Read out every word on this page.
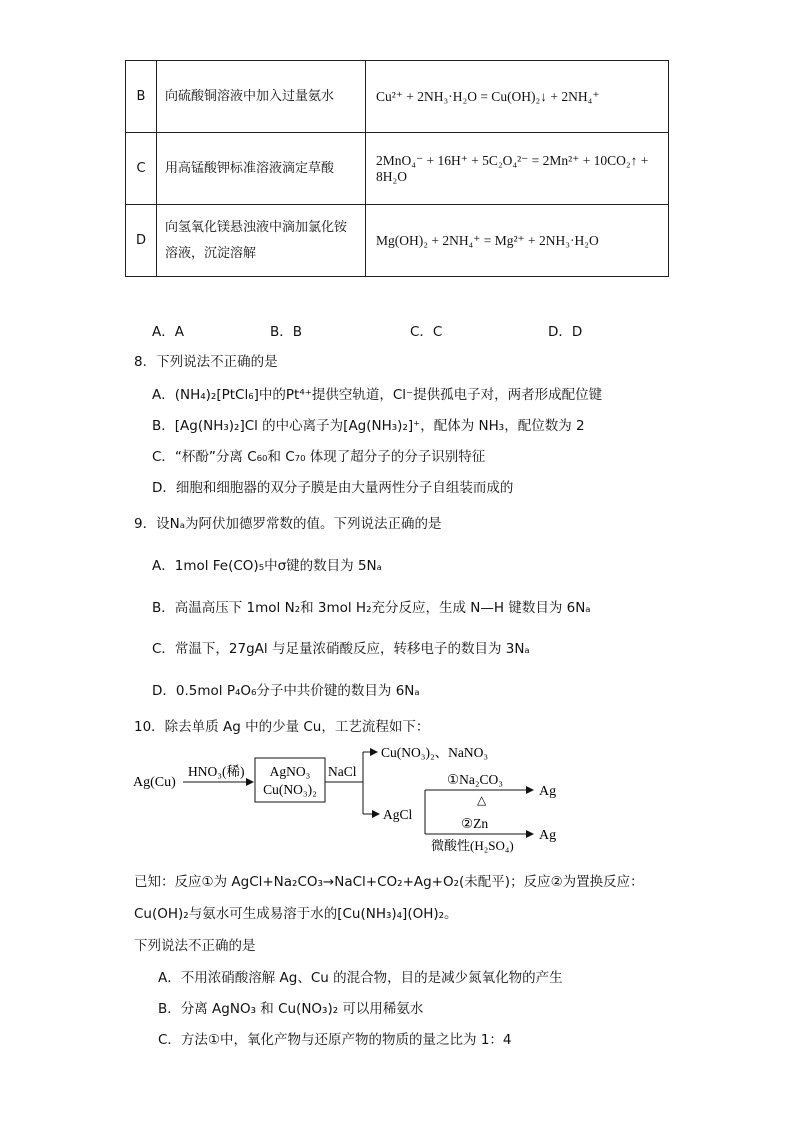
B	向硫酸铜溶液中加入过量氨水	Cu²⁺ + 2NH₃·H₂O = Cu(OH)₂↓ + 2NH₄⁺
C	用高锰酸钾标准溶液滴定草酸	2MnO₄⁻ + 16H⁺ + 5C₂O₄²⁻ = 2Mn²⁺ + 10CO₂↑ + 8H₂O
D	向氢氧化镁悬浊液中滴加氯化铵溶液，沉淀溶解	Mg(OH)₂ + 2NH₄⁺ = Mg²⁺ + 2NH₃·H₂O
A．A	B．B	C．C	D．D
8．下列说法不正确的是
A．(NH₄)₂[PtCl₆]中的Pt⁴⁺提供空轨道，Cl⁻提供孤电子对，两者形成配位键
B．[Ag(NH₃)₂]Cl 的中心离子为[Ag(NH₃)₂]⁺，配体为 NH₃，配位数为 2
C．“杯酚”分离 C₆₀和 C₇₀ 体现了超分子的分子识别特征
D．细胞和细胞器的双分子膜是由大量两性分子自组装而成的
9．设Nₐ为阿伏加德罗常数的值。下列说法正确的是
A．1mol Fe(CO)₅中σ键的数目为 5Nₐ
B．高温高压下 1mol N₂和 3mol H₂充分反应，生成 N—H 键数目为 6Nₐ
C．常温下，27gAl 与足量浓硝酸反应，转移电子的数目为 3Nₐ
D．0.5mol P₄O₆分子中共价键的数目为 6Nₐ
10．除去单质 Ag 中的少量 Cu，工艺流程如下：
Ag(Cu)
HNO₃(稀) AgNO₃
Cu(NO₃)₂
NaCl
Cu(NO₃)₂、NaNO₃
AgCl
①Na₂CO₃
△
Ag
②Zn
微酸性(H₂SO₄)
Ag
已知：反应①为 AgCl+Na₂CO₃→NaCl+CO₂+Ag+O₂(未配平)；反应②为置换反应：
Cu(OH)₂与氨水可生成易溶于水的[Cu(NH₃)₄](OH)₂。
下列说法不正确的是
A．不用浓硝酸溶解 Ag、Cu 的混合物，目的是减少氮氧化物的产生
B．分离 AgNO₃ 和 Cu(NO₃)₂ 可以用稀氨水
C．方法①中，氧化产物与还原产物的物质的量之比为 1：4
